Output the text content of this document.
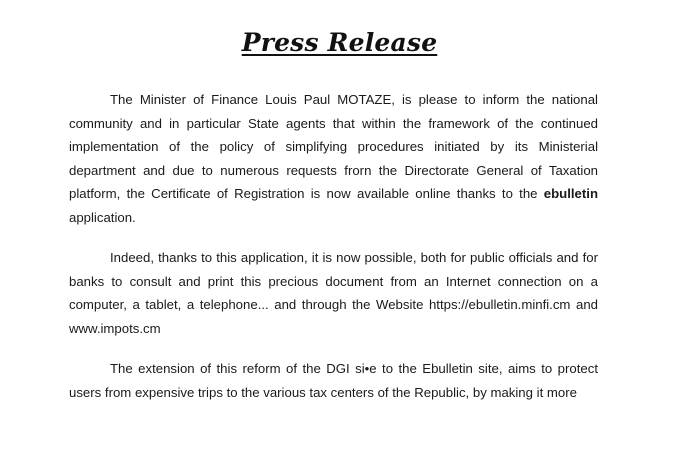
Press Release

The Minister of Finance Louis Paul MOTAZE, is please to inform the national community and in particular State agents that within the framework of the continued implementation of the policy of simplifying procedures initiated by its Ministerial department and due to numerous requests frorn the Directorate General of Taxation platform, the Certificate of Registration is now available online thanks to the ebulletin application.

Indeed, thanks to this application, it is now possible, both for public officials and for banks to consult and print this precious document from an Internet connection on a computer, a tablet, a telephone... and through the Website https://ebulletin.minfi.cm and www.impots.cm

The extension of this reform of the DGI si•e to the Ebulletin site, aims to protect users from expensive trips to the various tax centers of the Republic, by making it more
